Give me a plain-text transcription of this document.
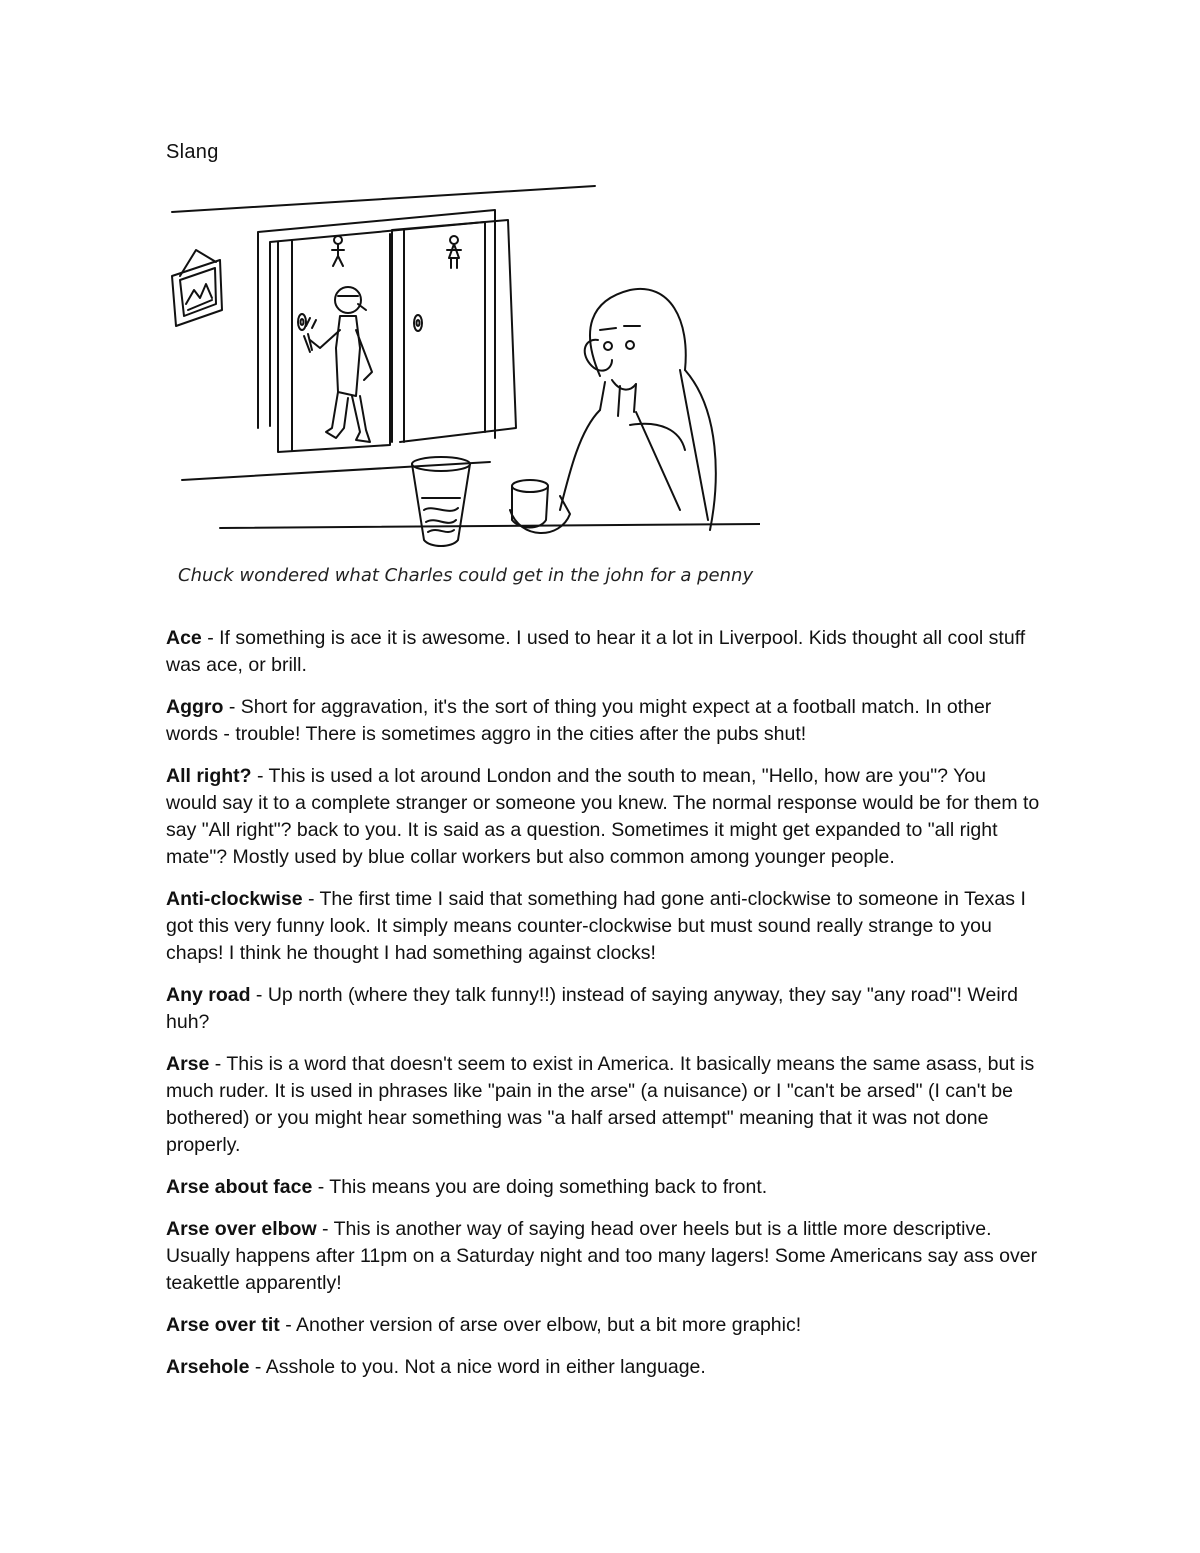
Slang
Chuck wondered what Charles could get in the john for a penny

Ace - If something is ace it is awesome. I used to hear it a lot in Liverpool. Kids thought all cool stuff was ace, or brill.

Aggro - Short for aggravation, it's the sort of thing you might expect at a football match. In other words - trouble! There is sometimes aggro in the cities after the pubs shut!

All right? - This is used a lot around London and the south to mean, "Hello, how are you"? You would say it to a complete stranger or someone you knew. The normal response would be for them to say "All right"? back to you. It is said as a question. Sometimes it might get expanded to "all right mate"? Mostly used by blue collar workers but also common among younger people.

Anti-clockwise - The first time I said that something had gone anti-clockwise to someone in Texas I got this very funny look. It simply means counter-clockwise but must sound really strange to you chaps! I think he thought I had something against clocks!

Any road - Up north (where they talk funny!!) instead of saying anyway, they say "any road"! Weird huh?

Arse - This is a word that doesn't seem to exist in America. It basically means the same asass, but is much ruder. It is used in phrases like "pain in the arse" (a nuisance) or I "can't be arsed" (I can't be bothered) or you might hear something was "a half arsed attempt" meaning that it was not done properly.

Arse about face - This means you are doing something back to front.

Arse over elbow - This is another way of saying head over heels but is a little more descriptive. Usually happens after 11pm on a Saturday night and too many lagers! Some Americans say ass over teakettle apparently!

Arse over tit - Another version of arse over elbow, but a bit more graphic!

Arsehole - Asshole to you. Not a nice word in either language.
